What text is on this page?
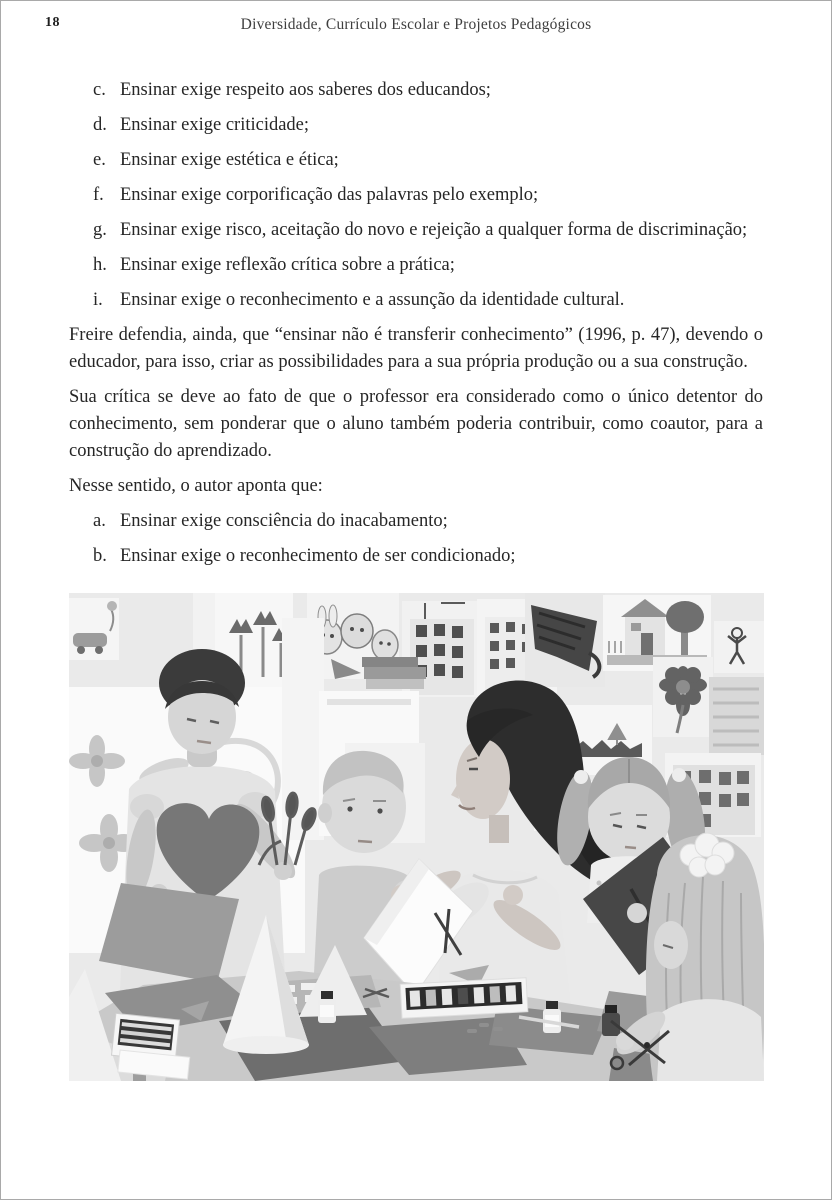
18	Diversidade, Currículo Escolar e Projetos Pedagógicos
c. Ensinar exige respeito aos saberes dos educandos;
d. Ensinar exige criticidade;
e. Ensinar exige estética e ética;
f. Ensinar exige corporificação das palavras pelo exemplo;
g. Ensinar exige risco, aceitação do novo e rejeição a qualquer forma de discriminação;
h. Ensinar exige reflexão crítica sobre a prática;
i. Ensinar exige o reconhecimento e a assunção da identidade cultural.

Freire defendia, ainda, que “ensinar não é transferir conhecimento” (1996, p. 47), devendo o educador, para isso, criar as possibilidades para a sua própria produção ou a sua construção.

Sua crítica se deve ao fato de que o professor era considerado como o único detentor do conhecimento, sem ponderar que o aluno também poderia contribuir, como coautor, para a construção do aprendizado.

Nesse sentido, o autor aponta que:

a. Ensinar exige consciência do inacabamento;
b. Ensinar exige o reconhecimento de ser condicionado;
